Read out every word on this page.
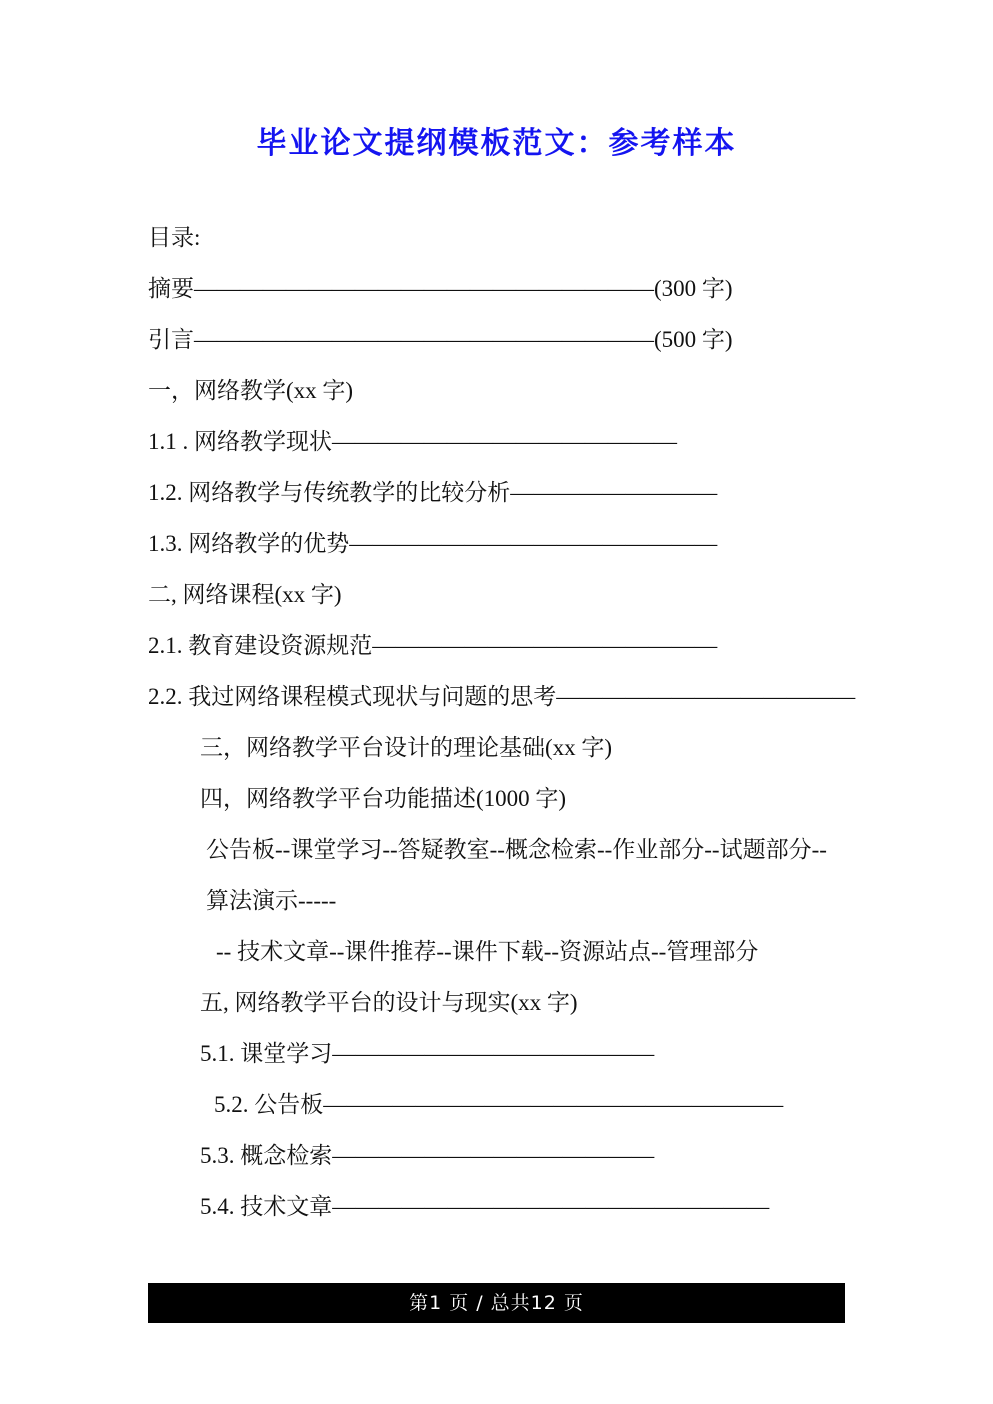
毕业论文提纲模板范文：参考样本
目录:
摘要————————————————————(300 字)
引言————————————————————(500 字)
一，网络教学(xx 字)
1.1 . 网络教学现状———————————————
1.2. 网络教学与传统教学的比较分析—————————
1.3. 网络教学的优势————————————————
二, 网络课程(xx 字)
2.1. 教育建设资源规范———————————————
2.2. 我过网络课程模式现状与问题的思考—————————————
三，网络教学平台设计的理论基础(xx 字)
四，网络教学平台功能描述(1000 字)
公告板--课堂学习--答疑教室--概念检索--作业部分--试题部分--算法演示-----
-- 技术文章--课件推荐--课件下载--资源站点--管理部分
五, 网络教学平台的设计与现实(xx 字)
5.1. 课堂学习——————————————
5.2. 公告板————————————————————
5.3. 概念检索——————————————
5.4. 技术文章———————————————————
第1 页 / 总共12 页
